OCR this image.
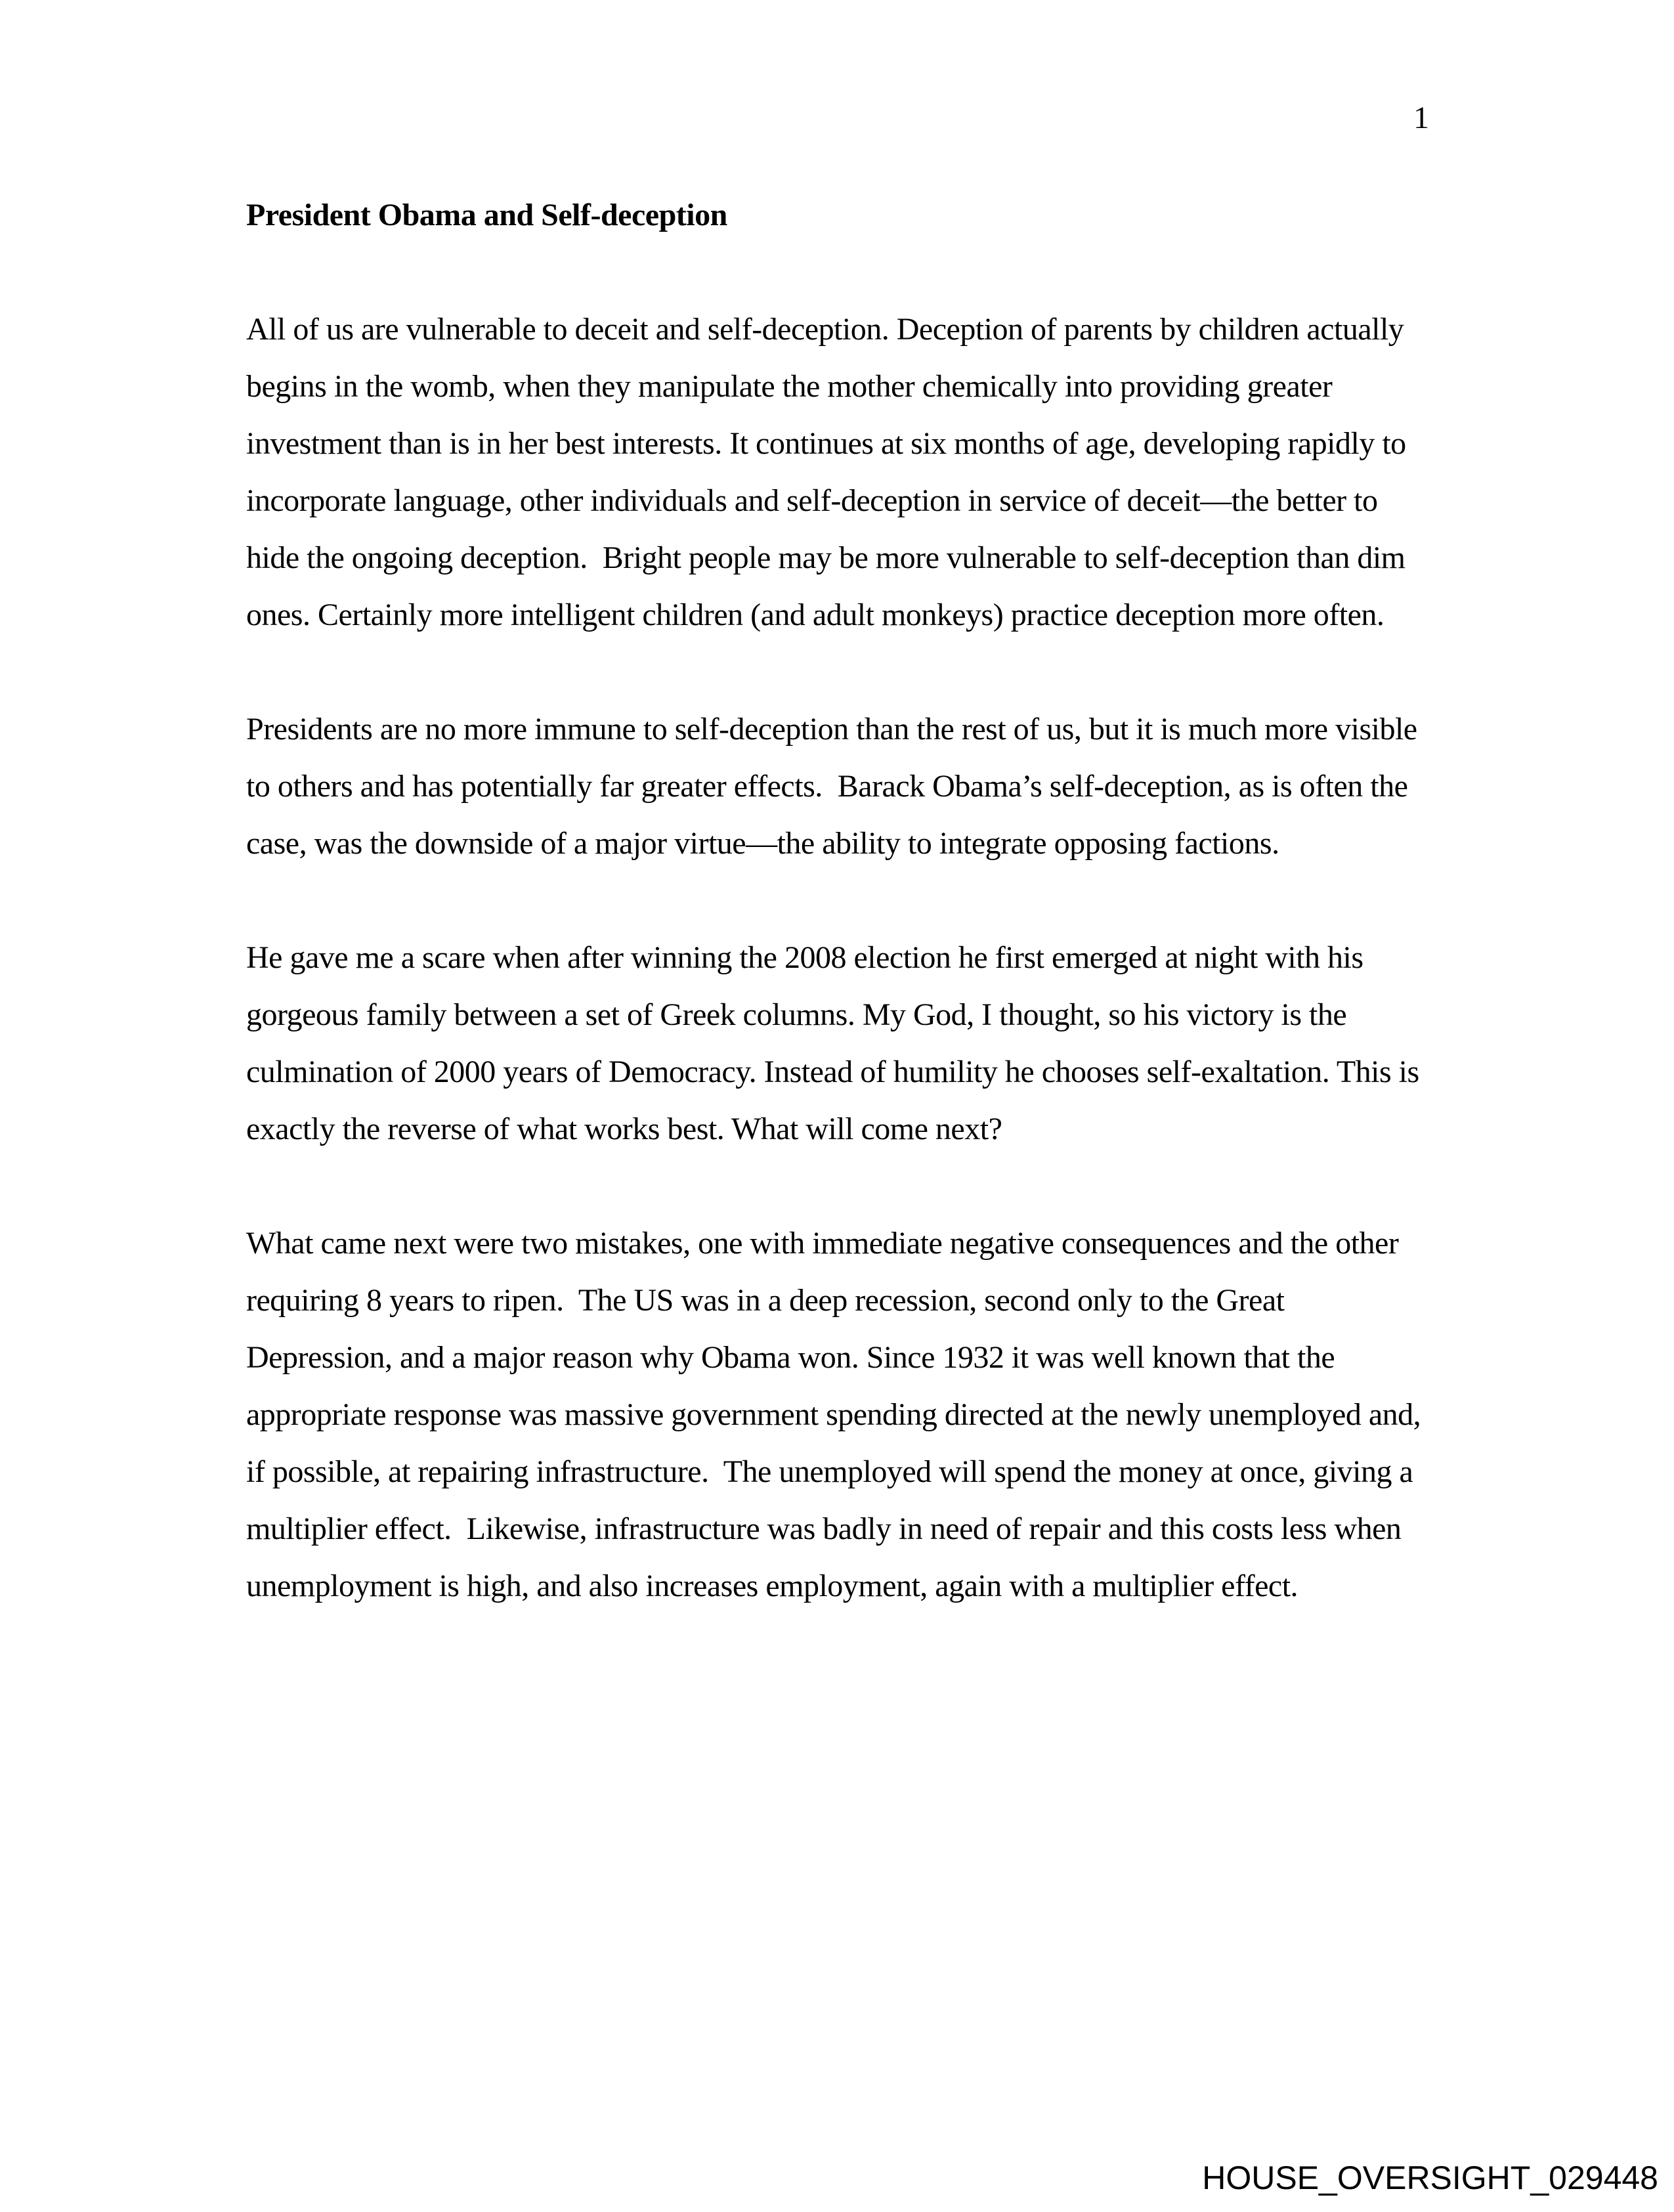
1
President Obama and Self-deception

All of us are vulnerable to deceit and self-deception. Deception of parents by children actually begins in the womb, when they manipulate the mother chemically into providing greater investment than is in her best interests. It continues at six months of age, developing rapidly to incorporate language, other individuals and self-deception in service of deceit—the better to hide the ongoing deception.  Bright people may be more vulnerable to self-deception than dim ones. Certainly more intelligent children (and adult monkeys) practice deception more often.

Presidents are no more immune to self-deception than the rest of us, but it is much more visible to others and has potentially far greater effects.  Barack Obama’s self-deception, as is often the case, was the downside of a major virtue—the ability to integrate opposing factions.

He gave me a scare when after winning the 2008 election he first emerged at night with his gorgeous family between a set of Greek columns. My God, I thought, so his victory is the culmination of 2000 years of Democracy. Instead of humility he chooses self-exaltation. This is exactly the reverse of what works best. What will come next?

What came next were two mistakes, one with immediate negative consequences and the other requiring 8 years to ripen.  The US was in a deep recession, second only to the Great Depression, and a major reason why Obama won. Since 1932 it was well known that the appropriate response was massive government spending directed at the newly unemployed and, if possible, at repairing infrastructure.  The unemployed will spend the money at once, giving a multiplier effect.  Likewise, infrastructure was badly in need of repair and this costs less when unemployment is high, and also increases employment, again with a multiplier effect.

HOUSE_OVERSIGHT_029448
